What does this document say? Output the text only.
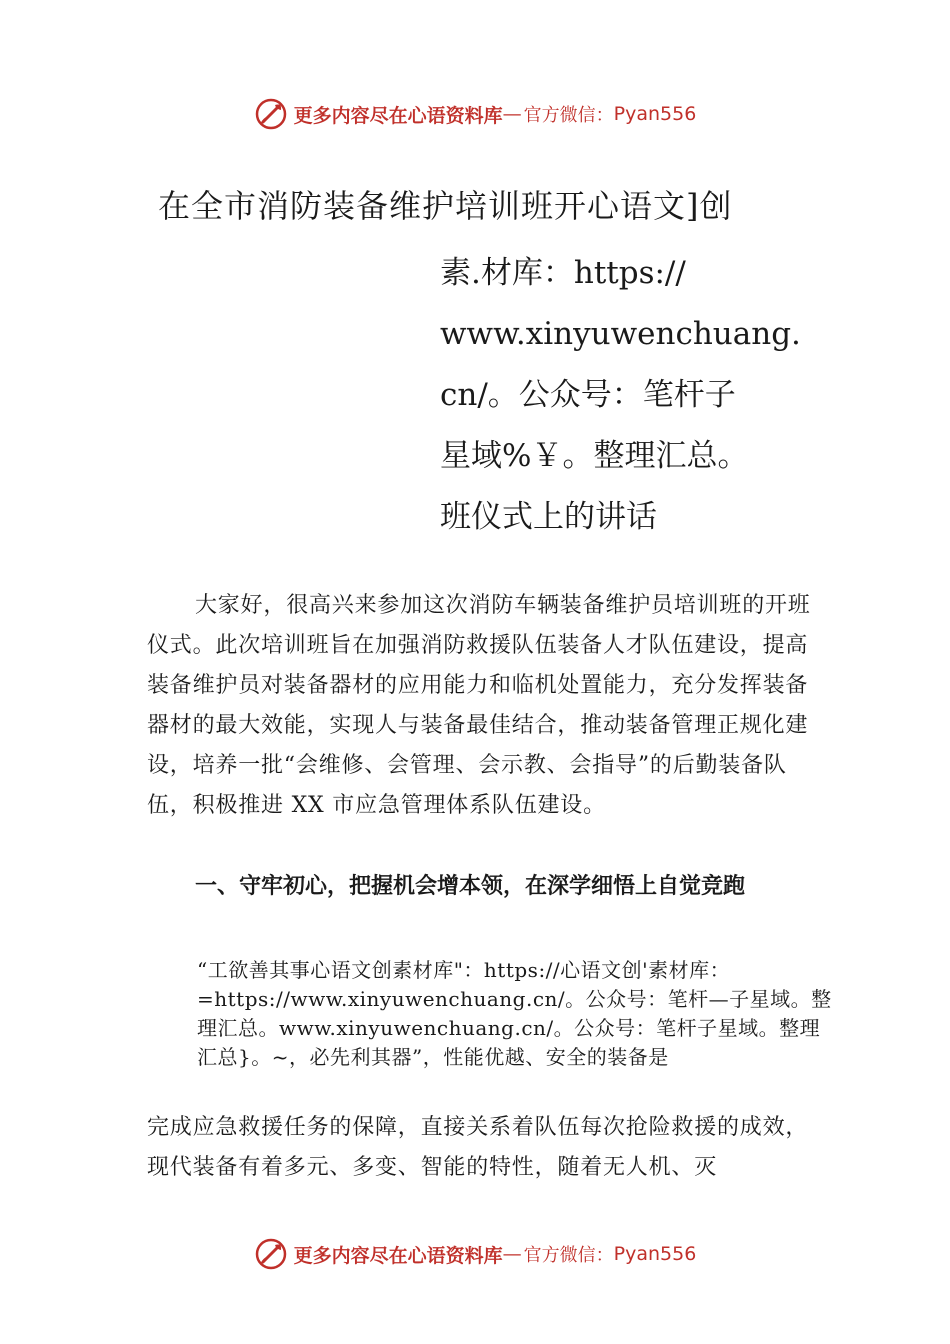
更多内容尽在心语资料库 — 官方微信： Pyan556
在全市消防装备维护培训班开心语文]创
素.材库：https://
www.xinyuwenchuang.
cn/。公众号：笔杆子
星域%￥。整理汇总。
班仪式上的讲话

大家好，很高兴来参加这次消防车辆装备维护员培训班的开班仪式。此次培训班旨在加强消防救援队伍装备人才队伍建设，提高装备维护员对装备器材的应用能力和临机处置能力，充分发挥装备器材的最大效能，实现人与装备最佳结合，推动装备管理正规化建设，培养一批“会维修、会管理、会示教、会指导”的后勤装备队伍，积极推进 XX 市应急管理体系队伍建设。

一、守牢初心，把握机会增本领，在深学细悟上自觉竞跑

“工欲善其事心语文创素材库"：https://心语文创'素材库：=https://www.xinyuwenchuang.cn/。公众号：笔杆—子星域。整理汇总。www.xinyuwenchuang.cn/。公众号：笔杆子星域。整理汇总}。~，必先利其器”，性能优越、安全的装备是

完成应急救援任务的保障，直接关系着队伍每次抢险救援的成效，现代装备有着多元、多变、智能的特性，随着无人机、灭

更多内容尽在心语资料库 — 官方微信： Pyan556
